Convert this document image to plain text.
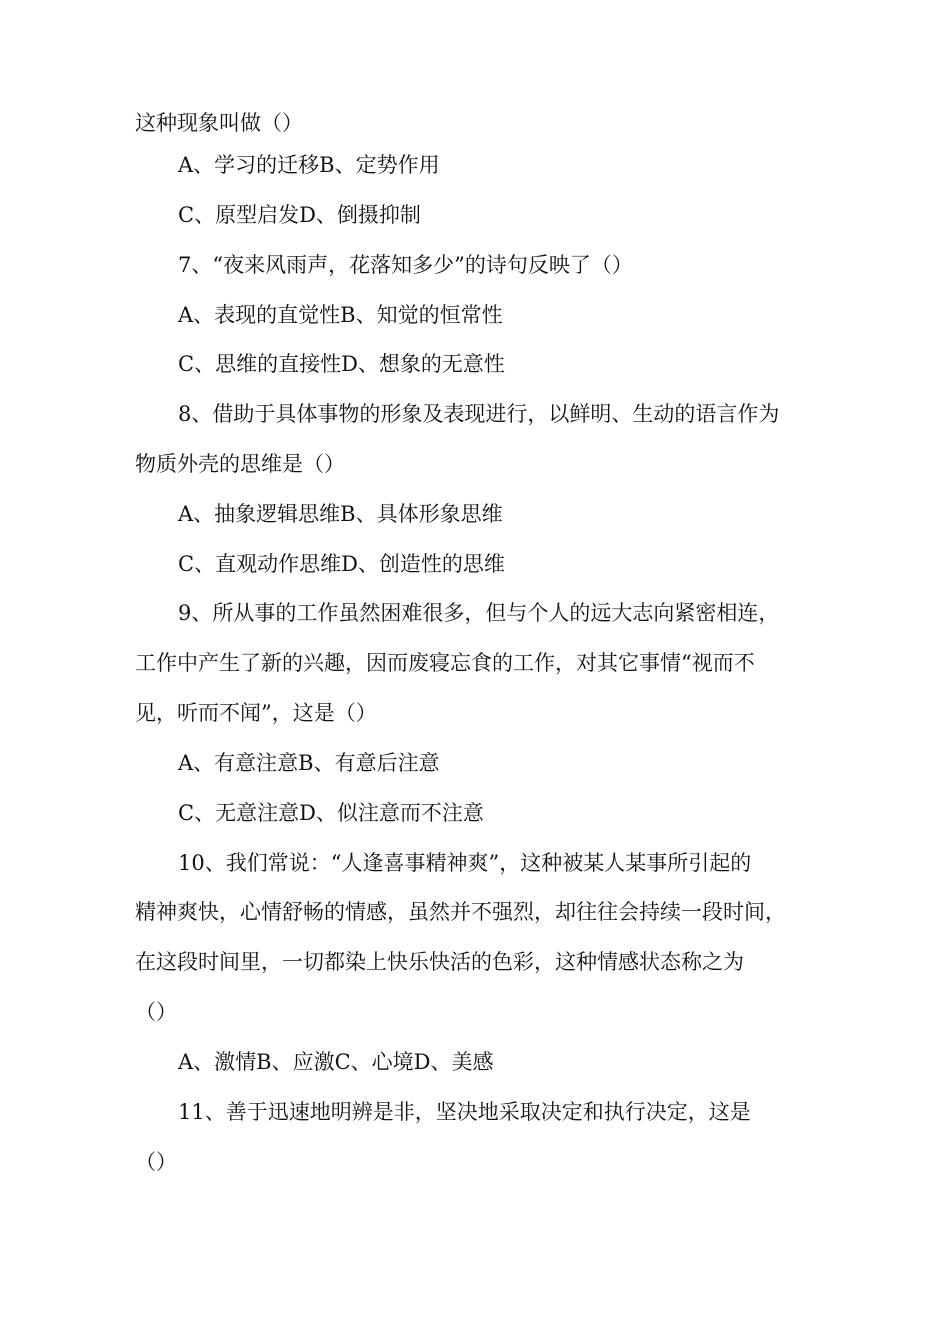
这种现象叫做（）
A、学习的迁移B、定势作用
C、原型启发D、倒摄抑制
7、“夜来风雨声，花落知多少”的诗句反映了（）
A、表现的直觉性B、知觉的恒常性
C、思维的直接性D、想象的无意性
8、借助于具体事物的形象及表现进行，以鲜明、生动的语言作为
物质外壳的思维是（）
A、抽象逻辑思维B、具体形象思维
C、直观动作思维D、创造性的思维
9、所从事的工作虽然困难很多，但与个人的远大志向紧密相连，
工作中产生了新的兴趣，因而废寝忘食的工作，对其它事情“视而不
见，听而不闻”，这是（）
A、有意注意B、有意后注意
C、无意注意D、似注意而不注意
10、我们常说：“人逢喜事精神爽”，这种被某人某事所引起的
精神爽快，心情舒畅的情感，虽然并不强烈，却往往会持续一段时间，
在这段时间里，一切都染上快乐快活的色彩，这种情感状态称之为
（）
A、激情B、应激C、心境D、美感
11、善于迅速地明辨是非，坚决地采取决定和执行决定，这是
（）
